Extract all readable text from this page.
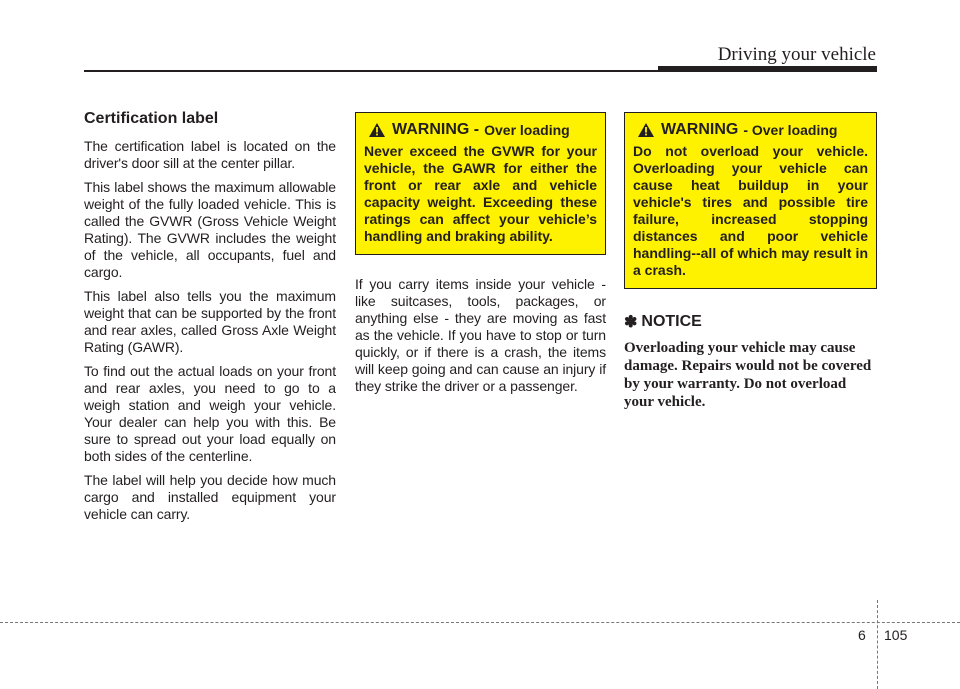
Driving your vehicle
Certification label

The certification label is located on the driver's door sill at the center pillar.

This label shows the maximum allowable weight of the fully loaded vehicle. This is called the GVWR (Gross Vehicle Weight Rating). The GVWR includes the weight of the vehicle, all occupants, fuel and cargo.

This label also tells you the maximum weight that can be supported by the front and rear axles, called Gross Axle Weight Rating (GAWR).

To find out the actual loads on your front and rear axles, you need to go to a weigh station and weigh your vehicle. Your dealer can help you with this. Be sure to spread out your load equally on both sides of the centerline.

The label will help you decide how much cargo and installed equipment your vehicle can carry.

WARNING - Over loading
Never exceed the GVWR for your vehicle, the GAWR for either the front or rear axle and vehicle capacity weight. Exceeding these ratings can affect your vehicle’s handling and braking ability.

If you carry items inside your vehicle - like suitcases, tools, packages, or anything else - they are moving as fast as the vehicle. If you have to stop or turn quickly, or if there is a crash, the items will keep going and can cause an injury if they strike the driver or a passenger.

WARNING - Over loading
Do not overload your vehicle. Overloading your vehicle can cause heat buildup in your vehicle's tires and possible tire failure, increased stopping distances and poor vehicle handling--all of which may result in a crash.
✽ NOTICE
Overloading your vehicle may cause damage. Repairs would not be covered by your warranty. Do not overload your vehicle.
6 105
